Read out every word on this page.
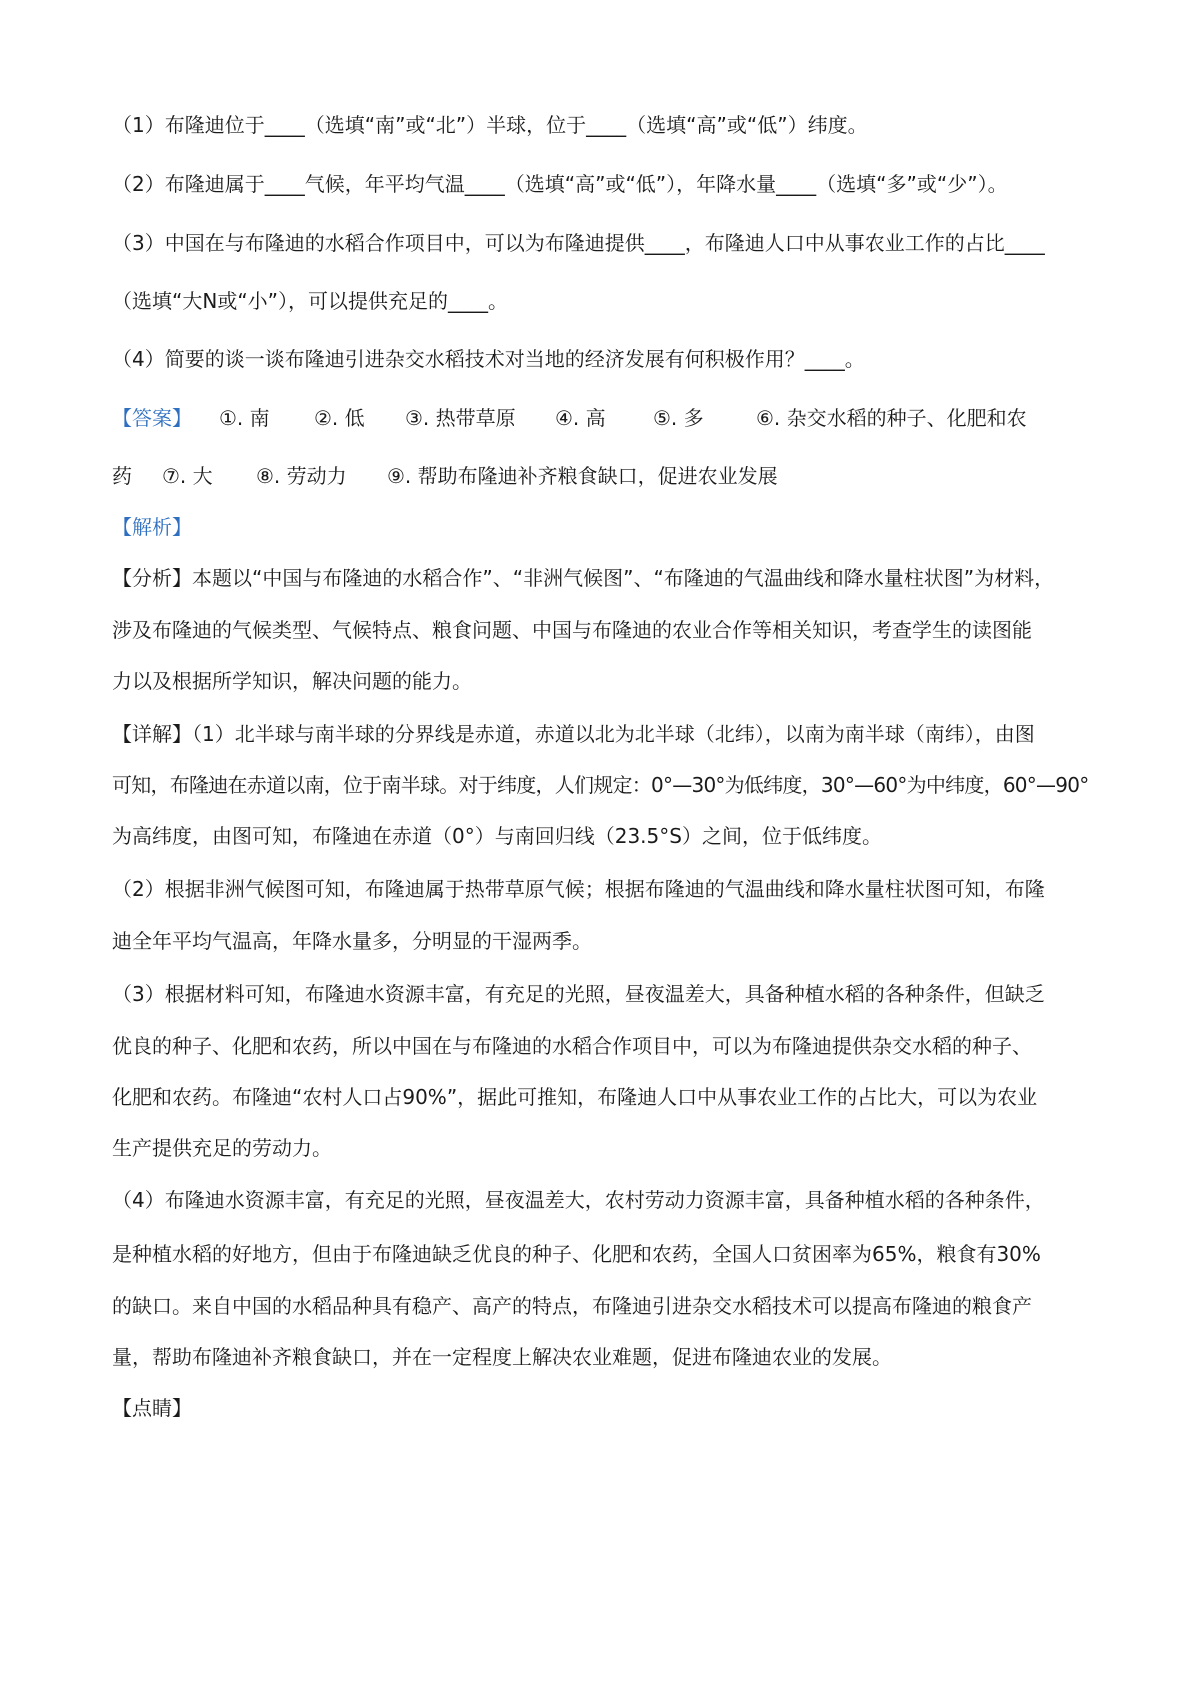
（1）布隆迪位于____（选填“南”或“北”）半球，位于____（选填“高”或“低”）纬度。
（2）布隆迪属于____气候，年平均气温____（选填“高”或“低”），年降水量____（选填“多”或“少”）。
（3）中国在与布隆迪的水稻合作项目中，可以为布隆迪提供____，布隆迪人口中从事农业工作的占比____
（选填“大N或“小”），可以提供充足的____。
（4）简要的谈一谈布隆迪引进杂交水稻技术对当地的经济发展有何积极作用？____。
【答案】 ①. 南 ②. 低 ③. 热带草原 ④. 高 ⑤. 多	⑥. 杂交水稻的种子、化肥和农
药 ⑦. 大 ⑧. 劳动力 ⑨. 帮助布隆迪补齐粮食缺口，促进农业发展
【解析】
【分析】本题以“中国与布隆迪的水稻合作”、“非洲气候图”、“布隆迪的气温曲线和降水量柱状图”为材料，
涉及布隆迪的气候类型、气候特点、粮食问题、中国与布隆迪的农业合作等相关知识，考查学生的读图能
力以及根据所学知识，解决问题的能力。
【详解】（1）北半球与南半球的分界线是赤道，赤道以北为北半球（北纬），以南为南半球（南纬），由图
可知，布隆迪在赤道以南，位于南半球。对于纬度，人们规定：0°—30°为低纬度，30°—60°为中纬度，60°—90°
为高纬度，由图可知，布隆迪在赤道（0°）与南回归线（23.5°S）之间，位于低纬度。
（2）根据非洲气候图可知，布隆迪属于热带草原气候；根据布隆迪的气温曲线和降水量柱状图可知，布隆
迪全年平均气温高，年降水量多，分明显的干湿两季。
（3）根据材料可知，布隆迪水资源丰富，有充足的光照，昼夜温差大，具备种植水稻的各种条件，但缺乏
优良的种子、化肥和农药，所以中国在与布隆迪的水稻合作项目中，可以为布隆迪提供杂交水稻的种子、
化肥和农药。布隆迪“农村人口占90%”，据此可推知，布隆迪人口中从事农业工作的占比大，可以为农业
生产提供充足的劳动力。
（4）布隆迪水资源丰富，有充足的光照，昼夜温差大，农村劳动力资源丰富，具备种植水稻的各种条件，
是种植水稻的好地方，但由于布隆迪缺乏优良的种子、化肥和农药，全国人口贫困率为65%，粮食有30%
的缺口。来自中国的水稻品种具有稳产、高产的特点，布隆迪引进杂交水稻技术可以提高布隆迪的粮食产
量，帮助布隆迪补齐粮食缺口，并在一定程度上解决农业难题，促进布隆迪农业的发展。
【点睛】
